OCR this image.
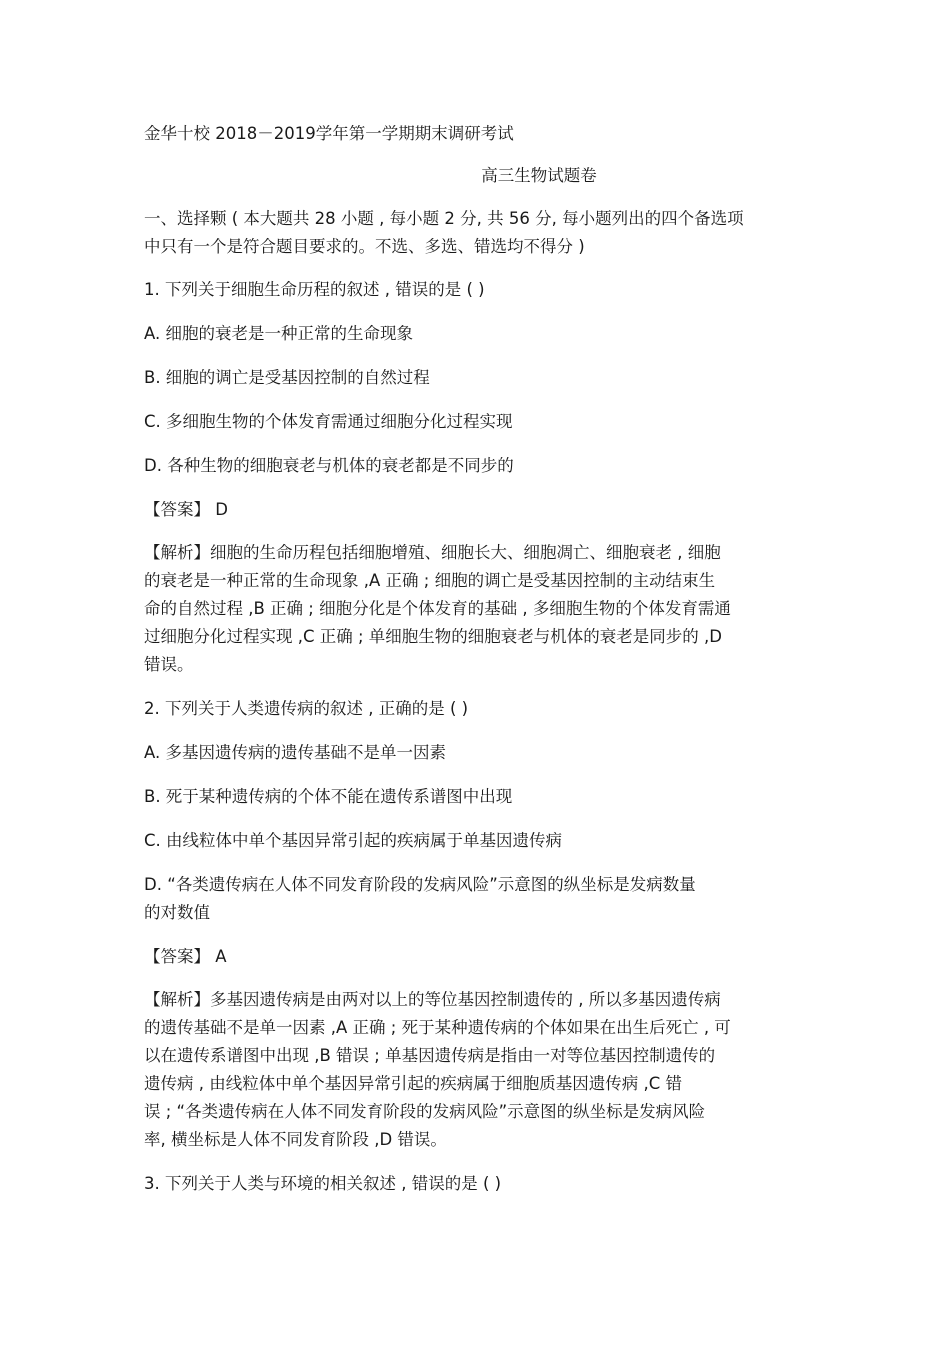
金华十校 2018－2019学年第一学期期末调研考试
高三生物试题卷
一、选择颗 ( 本大题共 28 小题 , 每小题 2 分, 共 56 分, 每小题列出的四个备选项
中只有一个是符合题目要求的。不选、多选、错选均不得分 )
1. 下列关于细胞生命历程的叙述 , 错误的是 ( )
A. 细胞的衰老是一种正常的生命现象
B. 细胞的调亡是受基因控制的自然过程
C. 多细胞生物的个体发育需通过细胞分化过程实现
D. 各种生物的细胞衰老与机体的衰老都是不同步的
【答案】 D
【解析】细胞的生命历程包括细胞增殖、细胞长大、细胞凋亡、细胞衰老 , 细胞
的衰老是一种正常的生命现象 ,A 正确 ; 细胞的调亡是受基因控制的主动结束生
命的自然过程 ,B 正确 ; 细胞分化是个体发育的基础 , 多细胞生物的个体发育需通
过细胞分化过程实现 ,C 正确 ; 单细胞生物的细胞衰老与机体的衰老是同步的 ,D
错误。
2. 下列关于人类遗传病的叙述 , 正确的是 ( )
A. 多基因遗传病的遗传基础不是单一因素
B. 死于某种遗传病的个体不能在遗传系谱图中出现
C. 由线粒体中单个基因异常引起的疾病属于单基因遗传病
D. “各类遗传病在人体不同发育阶段的发病风险”示意图的纵坐标是发病数量
的对数值
【答案】 A
【解析】多基因遗传病是由两对以上的等位基因控制遗传的 , 所以多基因遗传病
的遗传基础不是单一因素 ,A 正确 ; 死于某种遗传病的个体如果在出生后死亡 , 可
以在遗传系谱图中出现 ,B 错误 ; 单基因遗传病是指由一对等位基因控制遗传的
遗传病 , 由线粒体中单个基因异常引起的疾病属于细胞质基因遗传病 ,C 错
误 ; “各类遗传病在人体不同发育阶段的发病风险”示意图的纵坐标是发病风险
率, 横坐标是人体不同发育阶段 ,D 错误。
3. 下列关于人类与环境的相关叙述 , 错误的是 ( )
